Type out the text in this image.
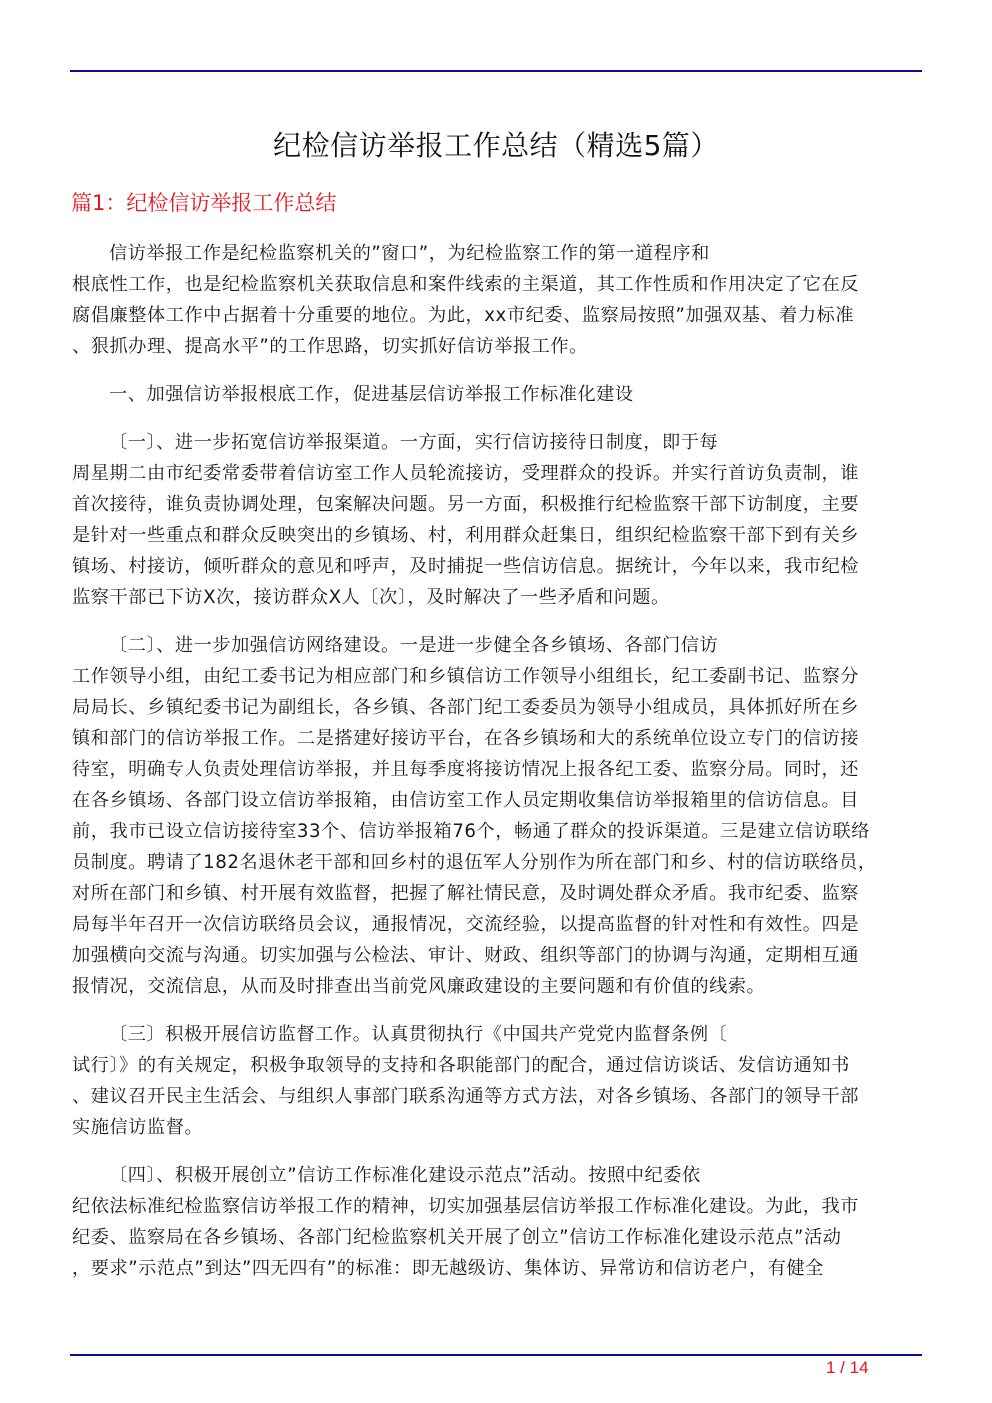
纪检信访举报工作总结（精选5篇）
篇1：纪检信访举报工作总结

信访举报工作是纪检监察机关的”窗口”，为纪检监察工作的第一道程序和
根底性工作，也是纪检监察机关获取信息和案件线索的主渠道，其工作性质和作用决定了它在反
腐倡廉整体工作中占据着十分重要的地位。为此，xx市纪委、监察局按照”加强双基、着力标准
、狠抓办理、提高水平”的工作思路，切实抓好信访举报工作。

一、加强信访举报根底工作，促进基层信访举报工作标准化建设

〔一〕、进一步拓宽信访举报渠道。一方面，实行信访接待日制度，即于每
周星期二由市纪委常委带着信访室工作人员轮流接访，受理群众的投诉。并实行首访负责制，谁
首次接待，谁负责协调处理，包案解决问题。另一方面，积极推行纪检监察干部下访制度，主要
是针对一些重点和群众反映突出的乡镇场、村，利用群众赶集日，组织纪检监察干部下到有关乡
镇场、村接访，倾听群众的意见和呼声，及时捕捉一些信访信息。据统计，今年以来，我市纪检
监察干部已下访X次，接访群众X人〔次〕，及时解决了一些矛盾和问题。

〔二〕、进一步加强信访网络建设。一是进一步健全各乡镇场、各部门信访
工作领导小组，由纪工委书记为相应部门和乡镇信访工作领导小组组长，纪工委副书记、监察分
局局长、乡镇纪委书记为副组长，各乡镇、各部门纪工委委员为领导小组成员，具体抓好所在乡
镇和部门的信访举报工作。二是搭建好接访平台，在各乡镇场和大的系统单位设立专门的信访接
待室，明确专人负责处理信访举报，并且每季度将接访情况上报各纪工委、监察分局。同时，还
在各乡镇场、各部门设立信访举报箱，由信访室工作人员定期收集信访举报箱里的信访信息。目
前，我市已设立信访接待室33个、信访举报箱76个，畅通了群众的投诉渠道。三是建立信访联络
员制度。聘请了182名退休老干部和回乡村的退伍军人分别作为所在部门和乡、村的信访联络员，
对所在部门和乡镇、村开展有效监督，把握了解社情民意，及时调处群众矛盾。我市纪委、监察
局每半年召开一次信访联络员会议，通报情况，交流经验，以提高监督的针对性和有效性。四是
加强横向交流与沟通。切实加强与公检法、审计、财政、组织等部门的协调与沟通，定期相互通
报情况，交流信息，从而及时排查出当前党风廉政建设的主要问题和有价值的线索。

〔三〕积极开展信访监督工作。认真贯彻执行《中国共产党党内监督条例〔
试行〕》的有关规定，积极争取领导的支持和各职能部门的配合，通过信访谈话、发信访通知书
、建议召开民主生活会、与组织人事部门联系沟通等方式方法，对各乡镇场、各部门的领导干部
实施信访监督。

〔四〕、积极开展创立”信访工作标准化建设示范点”活动。按照中纪委依
纪依法标准纪检监察信访举报工作的精神，切实加强基层信访举报工作标准化建设。为此，我市
纪委、监察局在各乡镇场、各部门纪检监察机关开展了创立”信访工作标准化建设示范点”活动
，要求”示范点”到达”四无四有”的标准：即无越级访、集体访、异常访和信访老户，有健全

1 / 14
